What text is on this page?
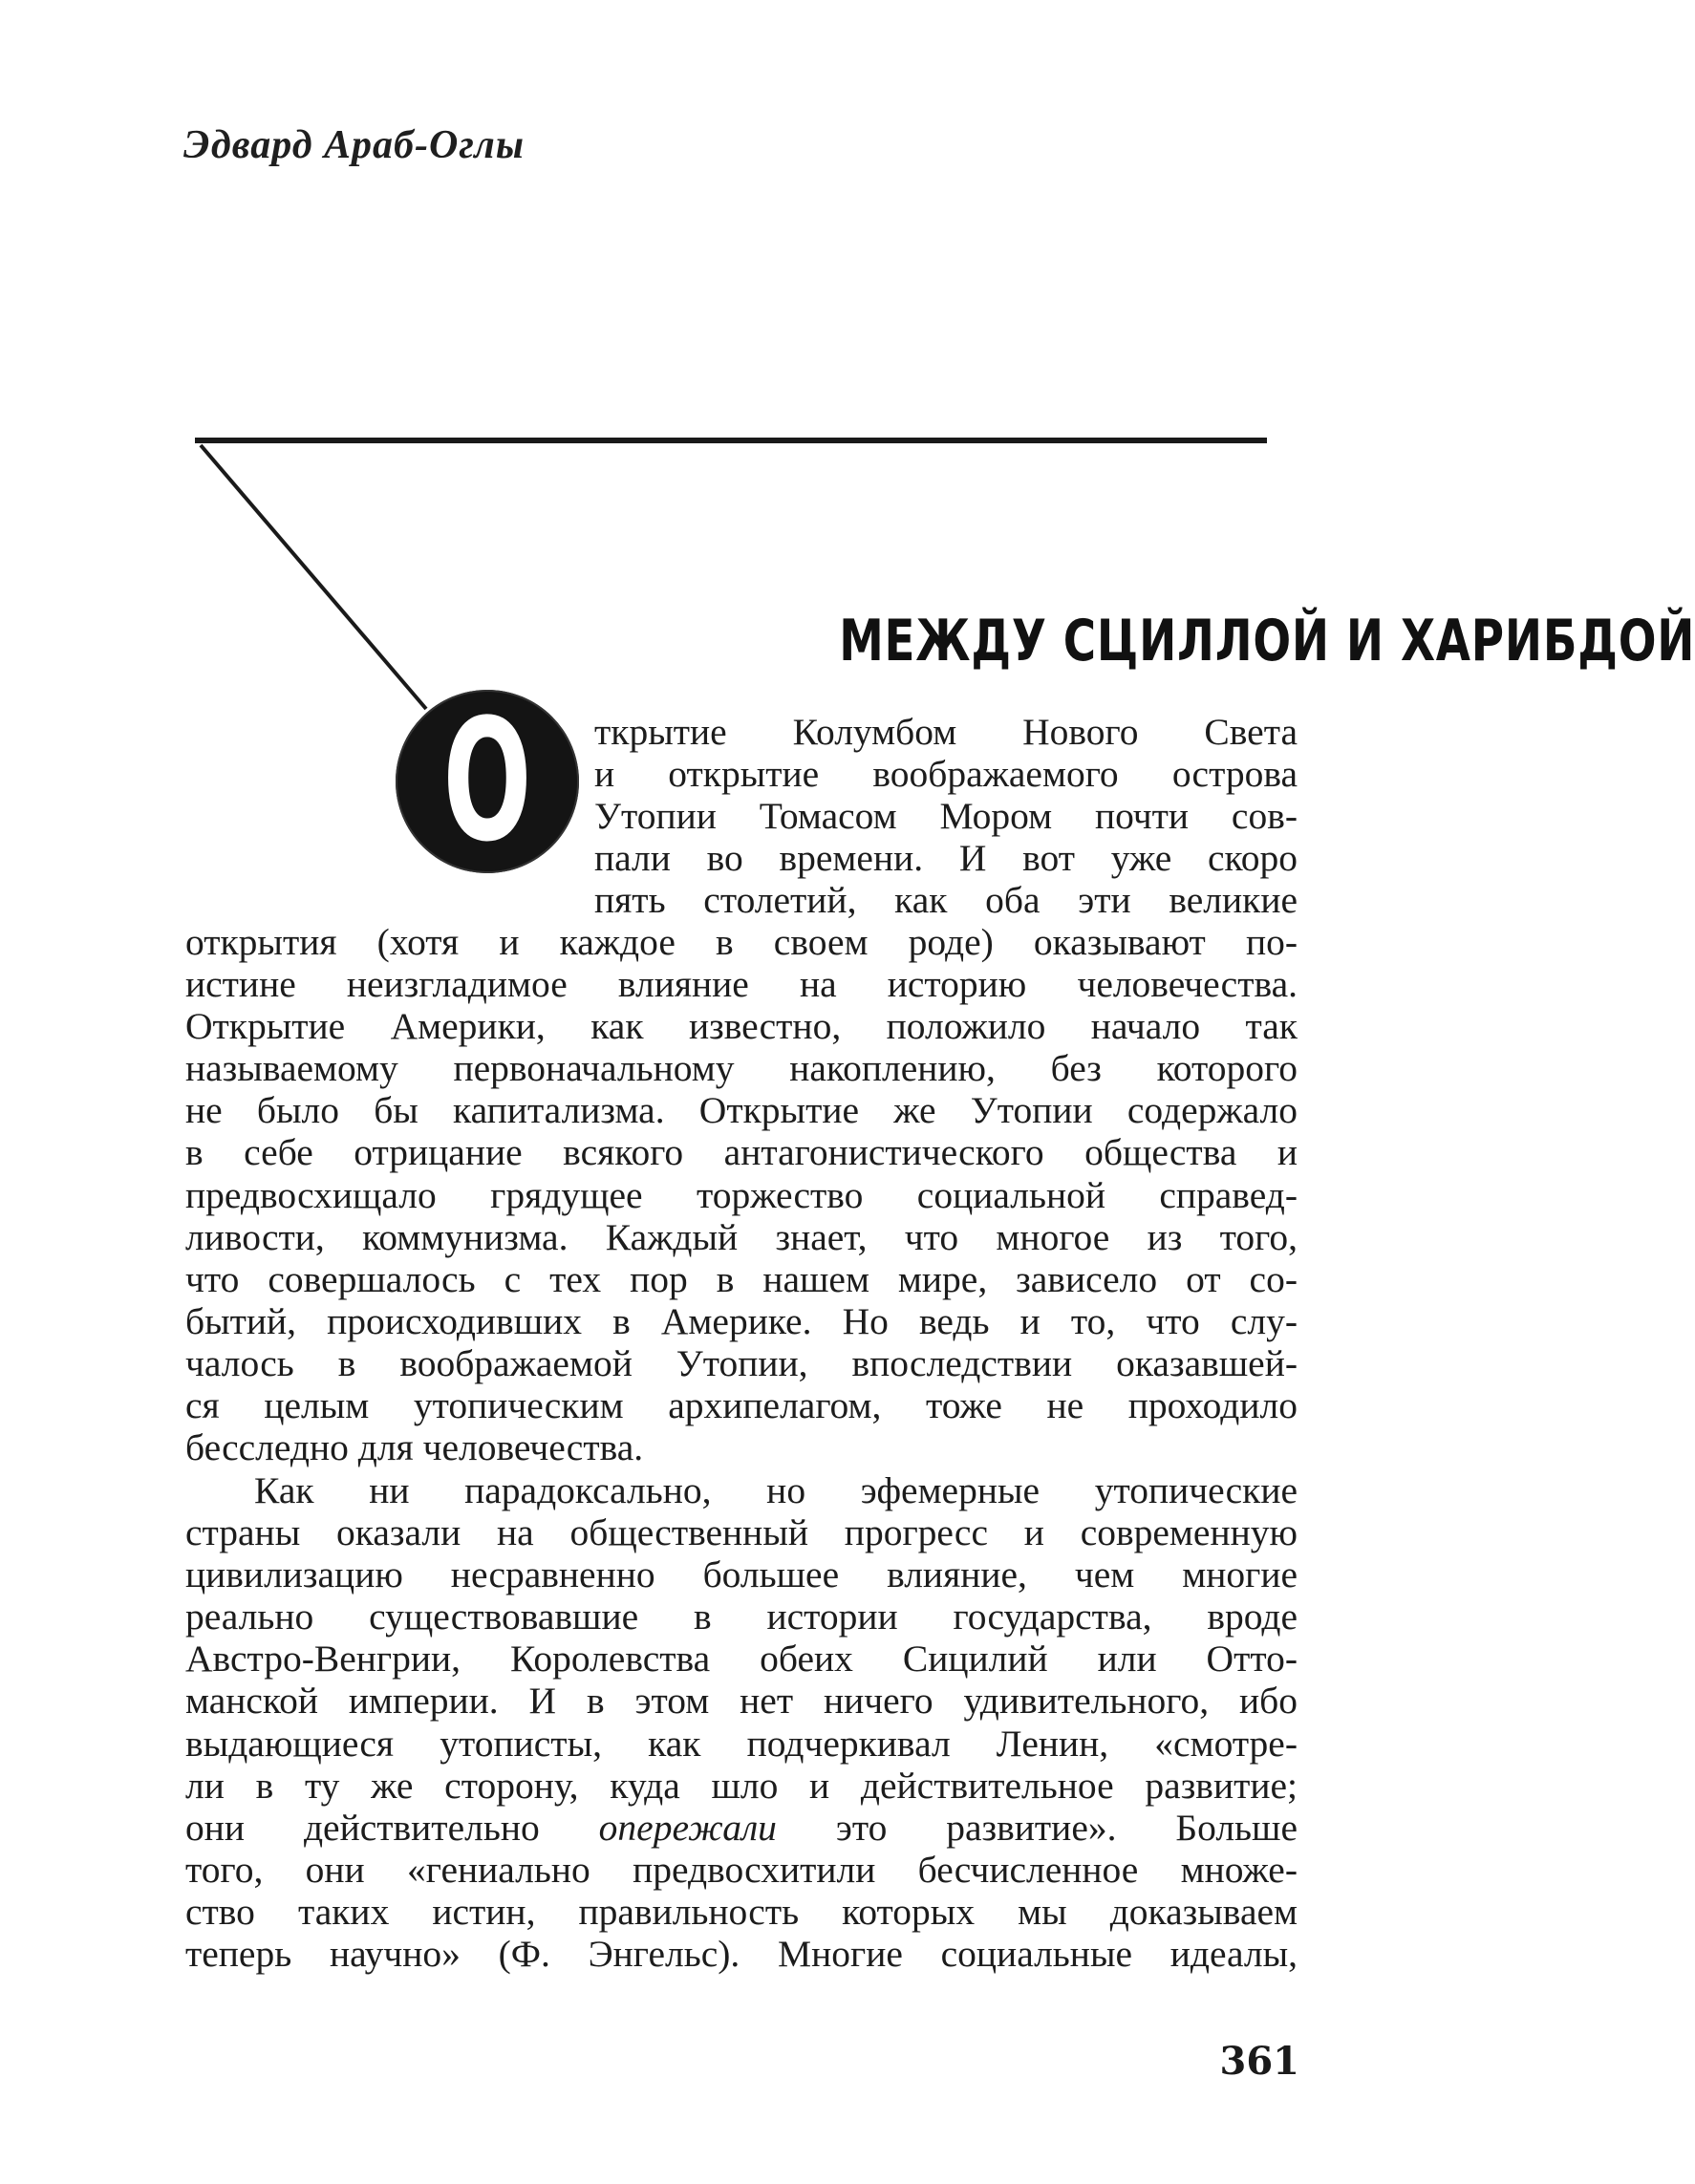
Эдвард Араб-Оглы
МЕЖДУ СЦИЛЛОЙ И ХАРИБДОЙ
О	ткрытие Колумбом Нового Света
и открытие воображаемого острова
Утопии Томасом Мором почти сов-
пали во времени. И вот уже скоро
пять столетий, как оба эти великие
открытия (хотя и каждое в своем роде) оказывают по-
истине неизгладимое влияние на историю человечества.
Открытие Америки, как известно, положило начало так
называемому первоначальному накоплению, без которого
не было бы капитализма. Открытие же Утопии содержало
в себе отрицание всякого антагонистического общества и
предвосхищало грядущее торжество социальной справед-
ливости, коммунизма. Каждый знает, что многое из того,
что совершалось с тех пор в нашем мире, зависело от со-
бытий, происходивших в Америке. Но ведь и то, что слу-
чалось в воображаемой Утопии, впоследствии оказавшей-
ся целым утопическим архипелагом, тоже не проходило
бесследно для человечества.
Как ни парадоксально, но эфемерные утопические
страны оказали на общественный прогресс и современную
цивилизацию несравненно большее влияние, чем многие
реально существовавшие в истории государства, вроде
Австро-Венгрии, Королевства обеих Сицилий или Отто-
манской империи. И в этом нет ничего удивительного, ибо
выдающиеся утописты, как подчеркивал Ленин, «смотре-
ли в ту же сторону, куда шло и действительное развитие;
они действительно опережали это развитие». Больше
того, они «гениально предвосхитили бесчисленное множе-
ство таких истин, правильность которых мы доказываем
теперь научно» (Ф. Энгельс). Многие социальные идеалы,
361
